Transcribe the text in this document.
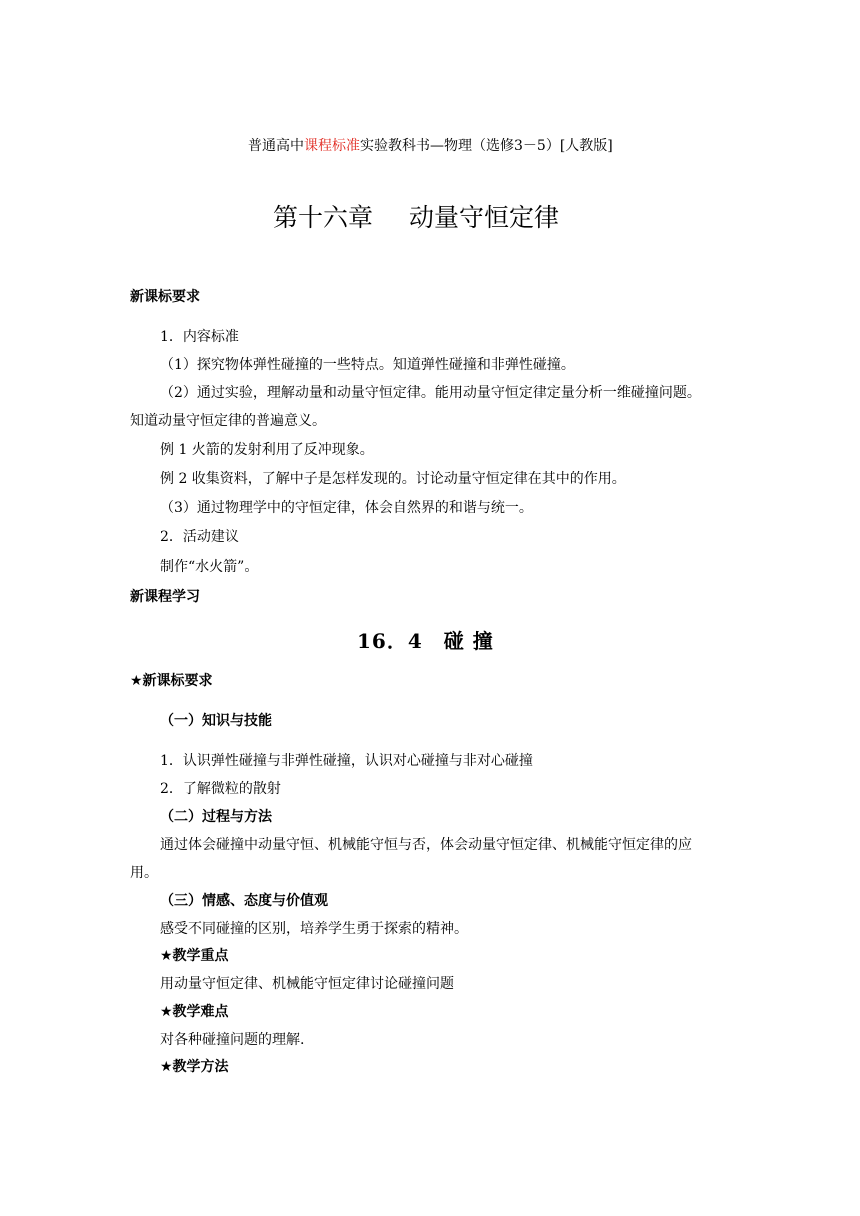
普通高中课程标准实验教科书—物理（选修3－5）[人教版]
第十六章 动量守恒定律
新课标要求
1．内容标准
（1）探究物体弹性碰撞的一些特点。知道弹性碰撞和非弹性碰撞。
（2）通过实验，理解动量和动量守恒定律。能用动量守恒定律定量分析一维碰撞问题。
知道动量守恒定律的普遍意义。
例 1 火箭的发射利用了反冲现象。
例 2 收集资料，了解中子是怎样发现的。讨论动量守恒定律在其中的作用。
（3）通过物理学中的守恒定律，体会自然界的和谐与统一。
2．活动建议
制作“水火箭”。
新课程学习
16．4　碰 撞
★新课标要求
（一）知识与技能
1．认识弹性碰撞与非弹性碰撞，认识对心碰撞与非对心碰撞
2．了解微粒的散射
（二）过程与方法
通过体会碰撞中动量守恒、机械能守恒与否，体会动量守恒定律、机械能守恒定律的应
用。
（三）情感、态度与价值观
感受不同碰撞的区别，培养学生勇于探索的精神。
★教学重点
用动量守恒定律、机械能守恒定律讨论碰撞问题
★教学难点
对各种碰撞问题的理解.
★教学方法
